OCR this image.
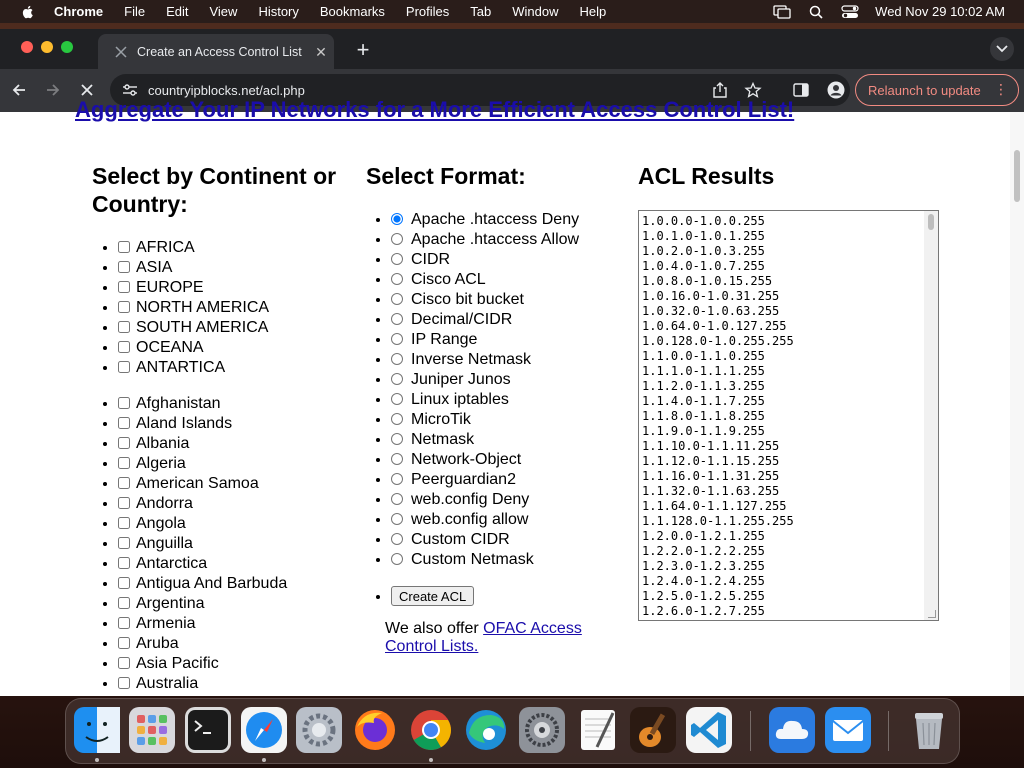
Chrome File Edit View History Bookmarks Profiles Tab Window Help	Wed Nov 29 10:02 AM
Create an Access Control List ✕ +
countryipblocks.net/acl.php	Relaunch to update ⋮
Aggregate Your IP Networks for a More Efficient Access Control List!
Select by Continent or Country:
Select Format:	ACL Results
• AFRICA
• ASIA
• EUROPE
• NORTH AMERICA
• SOUTH AMERICA
• OCEANA
• ANTARTICA
• Afghanistan
• Aland Islands
• Albania
• Algeria
• American Samoa
• Andorra
• Angola
• Anguilla
• Antarctica
• Antigua And Barbuda
• Argentina
• Armenia
• Aruba
• Asia Pacific
• Australia
• Apache .htaccess Deny
• Apache .htaccess Allow
• CIDR
• Cisco ACL
• Cisco bit bucket
• Decimal/CIDR
• IP Range
• Inverse Netmask
• Juniper Junos
• Linux iptables
• MicroTik
• Netmask
• Network-Object
• Peerguardian2
• web.config Deny
• web.config allow
• Custom CIDR
• Custom Netmask
• Create ACL
We also offer OFAC Access Control Lists.
1.0.0.0-1.0.0.255
1.0.1.0-1.0.1.255
1.0.2.0-1.0.3.255
1.0.4.0-1.0.7.255
1.0.8.0-1.0.15.255
1.0.16.0-1.0.31.255
1.0.32.0-1.0.63.255
1.0.64.0-1.0.127.255
1.0.128.0-1.0.255.255
1.1.0.0-1.1.0.255
1.1.1.0-1.1.1.255
1.1.2.0-1.1.3.255
1.1.4.0-1.1.7.255
1.1.8.0-1.1.8.255
1.1.9.0-1.1.9.255
1.1.10.0-1.1.11.255
1.1.12.0-1.1.15.255
1.1.16.0-1.1.31.255
1.1.32.0-1.1.63.255
1.1.64.0-1.1.127.255
1.1.128.0-1.1.255.255
1.2.0.0-1.2.1.255
1.2.2.0-1.2.2.255
1.2.3.0-1.2.3.255
1.2.4.0-1.2.4.255
1.2.5.0-1.2.5.255
1.2.6.0-1.2.7.255
